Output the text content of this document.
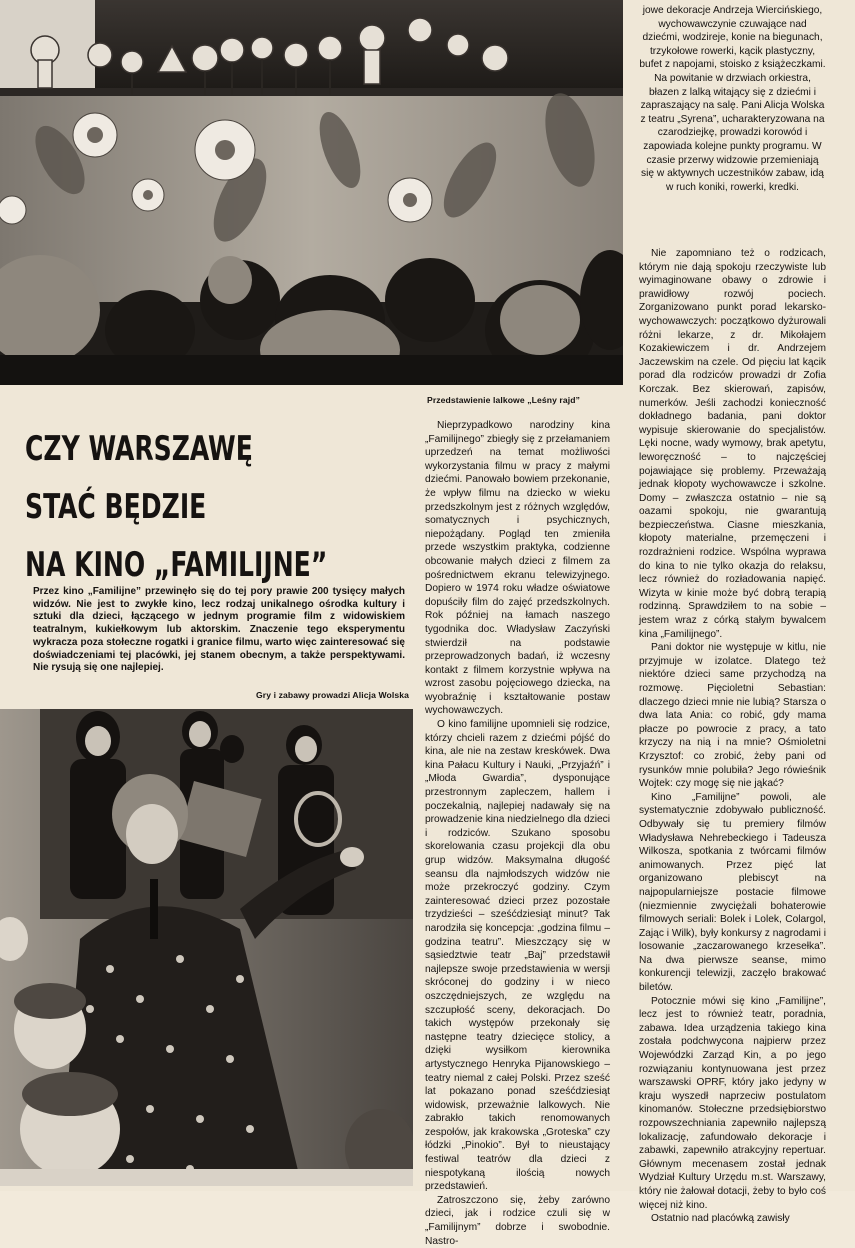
Przedstawienie lalkowe „Leśny rajd”
CZY WARSZAWĘ
STAĆ BĘDZIE
NA KINO „FAMILIJNE”

Przez kino „Familijne” przewinęło się do tej pory prawie 200 tysięcy małych widzów. Nie jest to zwykłe kino, lecz rodzaj unikalnego ośrodka kultury i sztuki dla dzieci, łączącego w jednym programie film z widowiskiem teatralnym, kukiełkowym lub aktorskim. Znaczenie tego eksperymentu wykracza poza stołeczne rogatki i granice filmu, warto więc zainteresować się doświadczeniami tej placówki, jej stanem obecnym, a także perspektywami. Nie rysują się one najlepiej.

Gry i zabawy prowadzi Alicja Wolska

Nieprzypadkowo narodziny kina „Familijnego” zbiegły się z przełamaniem uprzedzeń na temat możliwości wykorzystania filmu w pracy z małymi dziećmi. Panowało bowiem przekonanie, że wpływ filmu na dziecko w wieku przedszkolnym jest z różnych względów, somatycznych i psychicznych, niepożądany. Pogląd ten zmieniła przede wszystkim praktyka, codzienne obcowanie małych dzieci z filmem za pośrednictwem ekranu telewizyjnego. Dopiero w 1974 roku władze oświatowe dopuściły film do zajęć przedszkolnych. Rok później na łamach naszego tygodnika doc. Władysław Zaczyński stwierdził na podstawie przeprowadzonych badań, iż wczesny kontakt z filmem korzystnie wpływa na wzrost zasobu pojęciowego dziecka, na wyobraźnię i kształtowanie postaw wychowawczych.

O kino familijne upomnieli się rodzice, którzy chcieli razem z dziećmi pójść do kina, ale nie na zestaw kreskówek. Dwa kina Pałacu Kultury i Nauki, „Przyjaźń” i „Młoda Gwardia”, dysponujące przestronnym zapleczem, hallem i poczekalnią, najlepiej nadawały się na prowadzenie kina niedzielnego dla dzieci i rodziców. Szukano sposobu skorelowania czasu projekcji dla obu grup widzów. Maksymalna długość seansu dla najmłodszych widzów nie może przekroczyć godziny. Czym zainteresować dzieci przez pozostałe trzydzieści – sześćdziesiąt minut? Tak narodziła się koncepcja: „godzina filmu – godzina teatru”. Mieszczący się w sąsiedztwie teatr „Baj” przedstawił najlepsze swoje przedstawienia w wersji skróconej do godziny i w nieco oszczędniejszych, ze względu na szczupłość sceny, dekoracjach. Do takich występów przekonały się następne teatry dziecięce stolicy, a dzięki wysiłkom kierownika artystycznego Henryka Pijanowskiego – teatry niemal z całej Polski. Przez sześć lat pokazano ponad sześćdziesiąt widowisk, przeważnie lalkowych. Nie zabrakło takich renomowanych zespołów, jak krakowska „Groteska” czy łódzki „Pinokio”. Był to nieustający festiwal teatrów dla dzieci z niespotykaną ilością nowych przedstawień.

Zatroszczono się, żeby zarówno dzieci, jak i rodzice czuli się w „Familijnym” dobrze i swobodnie. Nastro-

jowe dekoracje Andrzeja Wiercińskiego, wychowawczynie czuwające nad dziećmi, wodzireje, konie na biegunach, trzykołowe rowerki, kącik plastyczny, bufet z napojami, stoisko z książeczkami. Na powitanie w drzwiach orkiestra, błazen z lalką witający się z dziećmi i zapraszający na salę. Pani Alicja Wolska z teatru „Syrena”, ucharakteryzowana na czarodziejkę, prowadzi korowód i zapowiada kolejne punkty programu. W czasie przerwy widzowie przemieniają się w aktywnych uczestników zabaw, idą w ruch koniki, rowerki, kredki.

Nie zapomniano też o rodzicach, którym nie dają spokoju rzeczywiste lub wyimaginowane obawy o zdrowie i prawidłowy rozwój pociech. Zorganizowano punkt porad lekarsko-wychowawczych: początkowo dyżurowali różni lekarze, z dr. Mikołajem Kozakiewiczem i dr. Andrzejem Jaczewskim na czele. Od pięciu lat kącik porad dla rodziców prowadzi dr Zofia Korczak. Bez skierowań, zapisów, numerków. Jeśli zachodzi konieczność dokładnego badania, pani doktor wypisuje skierowanie do specjalistów. Lęki nocne, wady wymowy, brak apetytu, leworęczność – to najczęściej pojawiające się problemy. Przeważają jednak kłopoty wychowawcze i szkolne. Domy – zwłaszcza ostatnio – nie są oazami spokoju, nie gwarantują bezpieczeństwa. Ciasne mieszkania, kłopoty materialne, przemęczeni i rozdrażnieni rodzice. Wspólna wyprawa do kina to nie tylko okazja do relaksu, lecz również do rozładowania napięć. Wizyta w kinie może być dobrą terapią rodzinną. Sprawdziłem to na sobie – jestem wraz z córką stałym bywalcem kina „Familijnego”.

Pani doktor nie występuje w kitlu, nie przyjmuje w izolatce. Dlatego też niektóre dzieci same przychodzą na rozmowę. Pięcioletni Sebastian: dlaczego dzieci mnie nie lubią? Starsza o dwa lata Ania: co robić, gdy mama płacze po powrocie z pracy, a tato krzyczy na nią i na mnie? Ośmioletni Krzysztof: co zrobić, żeby pani od rysunków mnie polubiła? Jego rówieśnik Wojtek: czy mogę się nie jąkać?

Kino „Familijne” powoli, ale systematycznie zdobywało publiczność. Odbywały się tu premiery filmów Władysława Nehrebeckiego i Tadeusza Wilkosza, spotkania z twórcami filmów animowanych. Przez pięć lat organizowano plebiscyt na najpopularniejsze postacie filmowe (niezmiennie zwyciężali bohaterowie filmowych seriali: Bolek i Lolek, Colargol, Zając i Wilk), były konkursy z nagrodami i losowanie „zaczarowanego krzesełka”. Na dwa pierwsze seanse, mimo konkurencji telewizji, zaczęło brakować biletów.

Potocznie mówi się kino „Familijne”, lecz jest to również teatr, poradnia, zabawa. Idea urządzenia takiego kina została podchwycona najpierw przez Wojewódzki Zarząd Kin, a po jego rozwiązaniu kontynuowana jest przez warszawski OPRF, który jako jedyny w kraju wyszedł naprzeciw postulatom kinomanów. Stołeczne przedsiębiorstwo rozpowszechniania zapewniło najlepszą lokalizację, zafundowało dekoracje i zabawki, zapewniło atrakcyjny repertuar. Głównym mecenasem został jednak Wydział Kultury Urzędu m.st. Warszawy, który nie żałował dotacji, żeby to było coś więcej niż kino.

Ostatnio nad placówką zawisły
